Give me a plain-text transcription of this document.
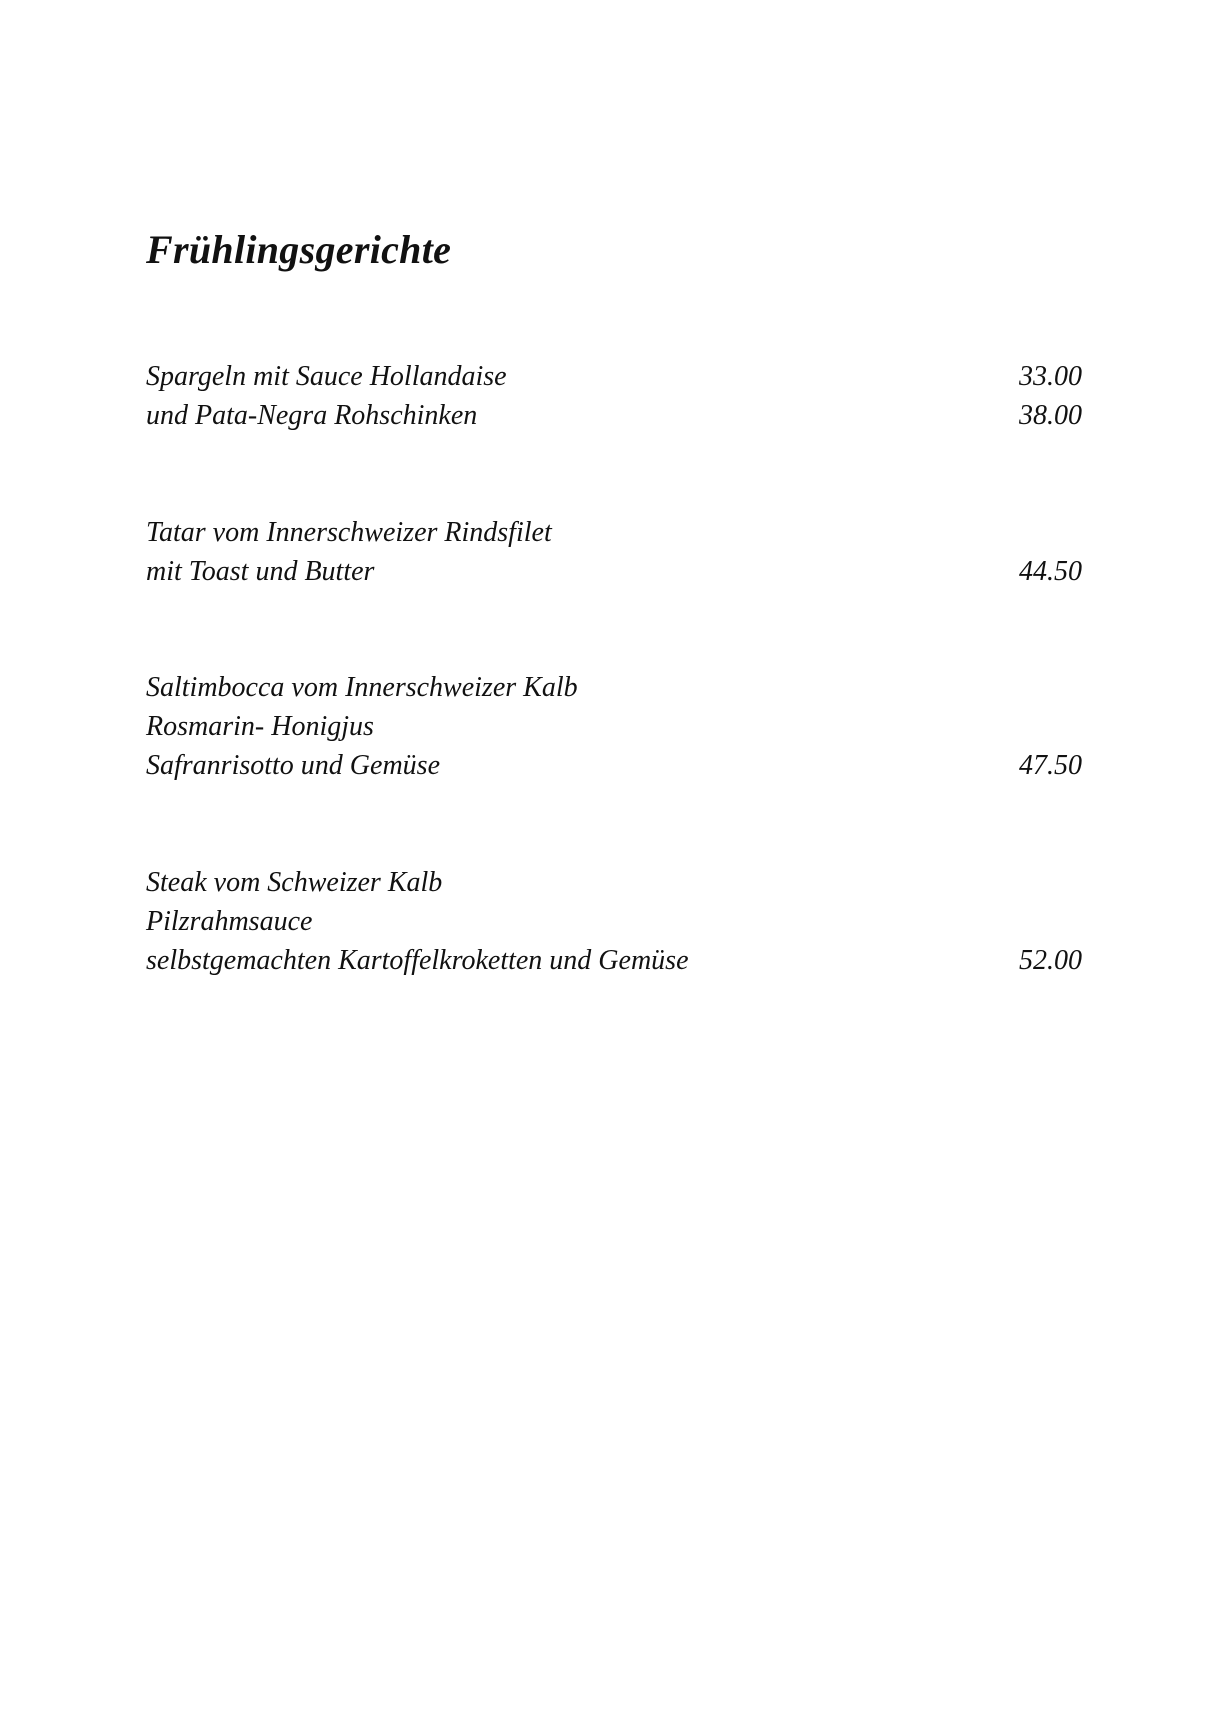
Frühlingsgerichte
Spargeln mit Sauce Hollandaise	33.00
und Pata-Negra Rohschinken	38.00
Tatar vom Innerschweizer Rindsfilet
mit Toast und Butter	44.50
Saltimbocca vom Innerschweizer Kalb
Rosmarin- Honigjus
Safranrisotto und Gemüse	47.50
Steak vom Schweizer Kalb
Pilzrahmsauce
selbstgemachten Kartoffelkroketten und Gemüse	52.00
